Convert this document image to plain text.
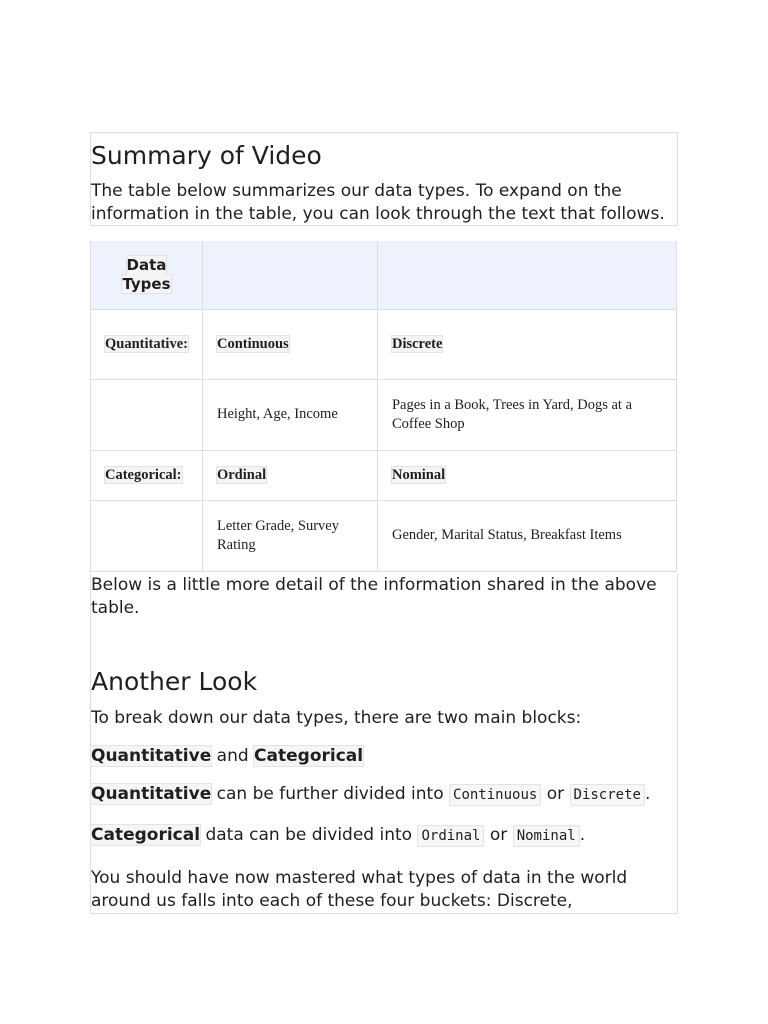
Summary of Video

The table below summarizes our data types. To expand on the information in the table, you can look through the text that follows.

Data Types		
Quantitative:	Continuous	Discrete
	Height, Age, Income	Pages in a Book, Trees in Yard, Dogs at a Coffee Shop
Categorical:	Ordinal	Nominal
	Letter Grade, Survey Rating	Gender, Marital Status, Breakfast Items

Below is a little more detail of the information shared in the above table.

Another Look

To break down our data types, there are two main blocks:

Quantitative and Categorical

Quantitative can be further divided into Continuous or Discrete .

Categorical data can be divided into Ordinal or Nominal .

You should have now mastered what types of data in the world around us falls into each of these four buckets: Discrete,
